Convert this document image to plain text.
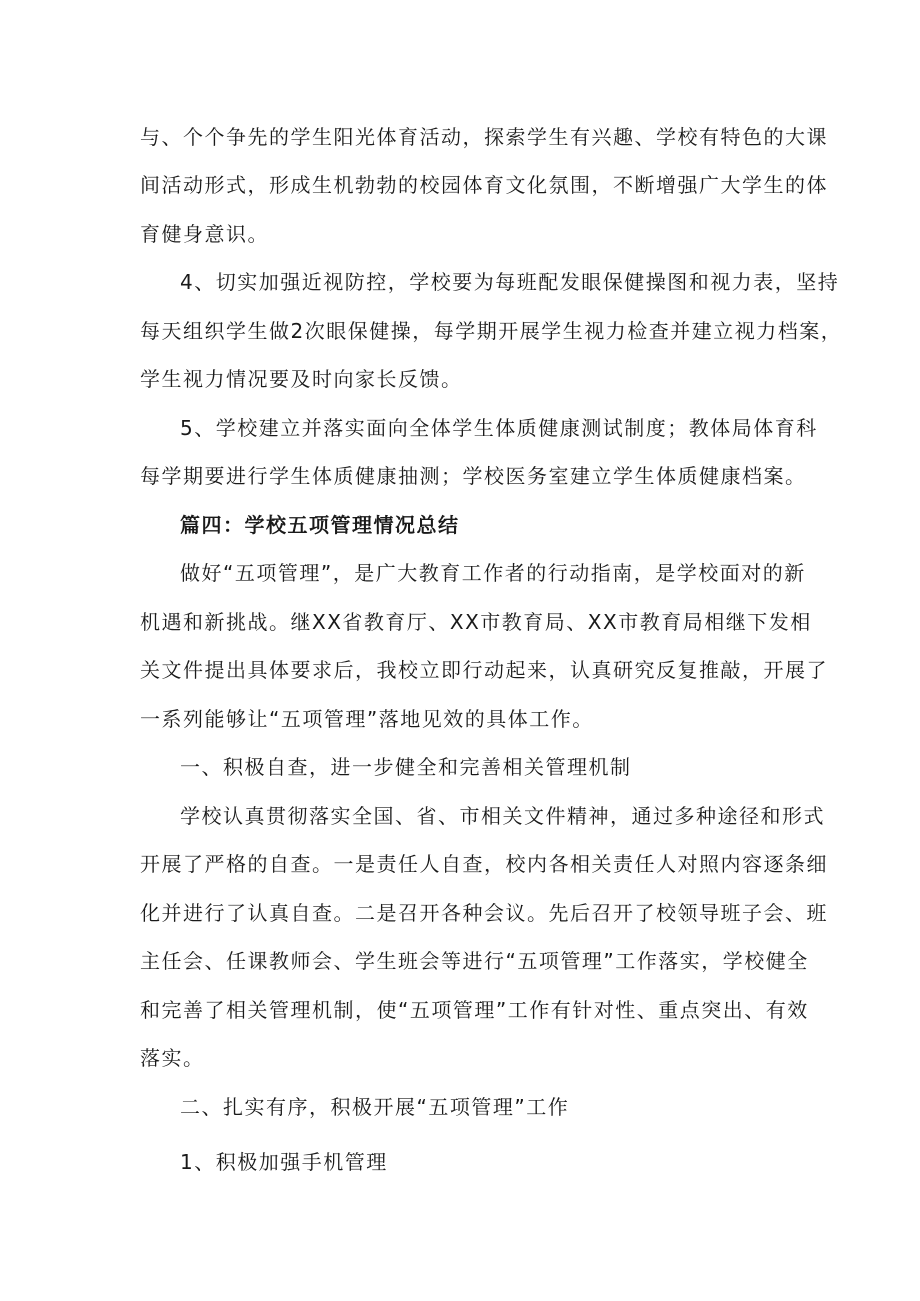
与、个个争先的学生阳光体育活动，探索学生有兴趣、学校有特色的大课
间活动形式，形成生机勃勃的校园体育文化氛围，不断增强广大学生的体
育健身意识。
4、切实加强近视防控，学校要为每班配发眼保健操图和视力表，坚持
每天组织学生做2次眼保健操，每学期开展学生视力检查并建立视力档案，
学生视力情况要及时向家长反馈。
5、学校建立并落实面向全体学生体质健康测试制度；教体局体育科
每学期要进行学生体质健康抽测；学校医务室建立学生体质健康档案。
篇四：学校五项管理情况总结
做好“五项管理”，是广大教育工作者的行动指南，是学校面对的新
机遇和新挑战。继XX省教育厅、XX市教育局、XX市教育局相继下发相
关文件提出具体要求后，我校立即行动起来，认真研究反复推敲，开展了
一系列能够让“五项管理”落地见效的具体工作。
一、积极自查，进一步健全和完善相关管理机制
学校认真贯彻落实全国、省、市相关文件精神，通过多种途径和形式
开展了严格的自查。一是责任人自查，校内各相关责任人对照内容逐条细
化并进行了认真自查。二是召开各种会议。先后召开了校领导班子会、班
主任会、任课教师会、学生班会等进行“五项管理”工作落实，学校健全
和完善了相关管理机制，使“五项管理”工作有针对性、重点突出、有效
落实。
二、扎实有序，积极开展“五项管理”工作
1、积极加强手机管理
